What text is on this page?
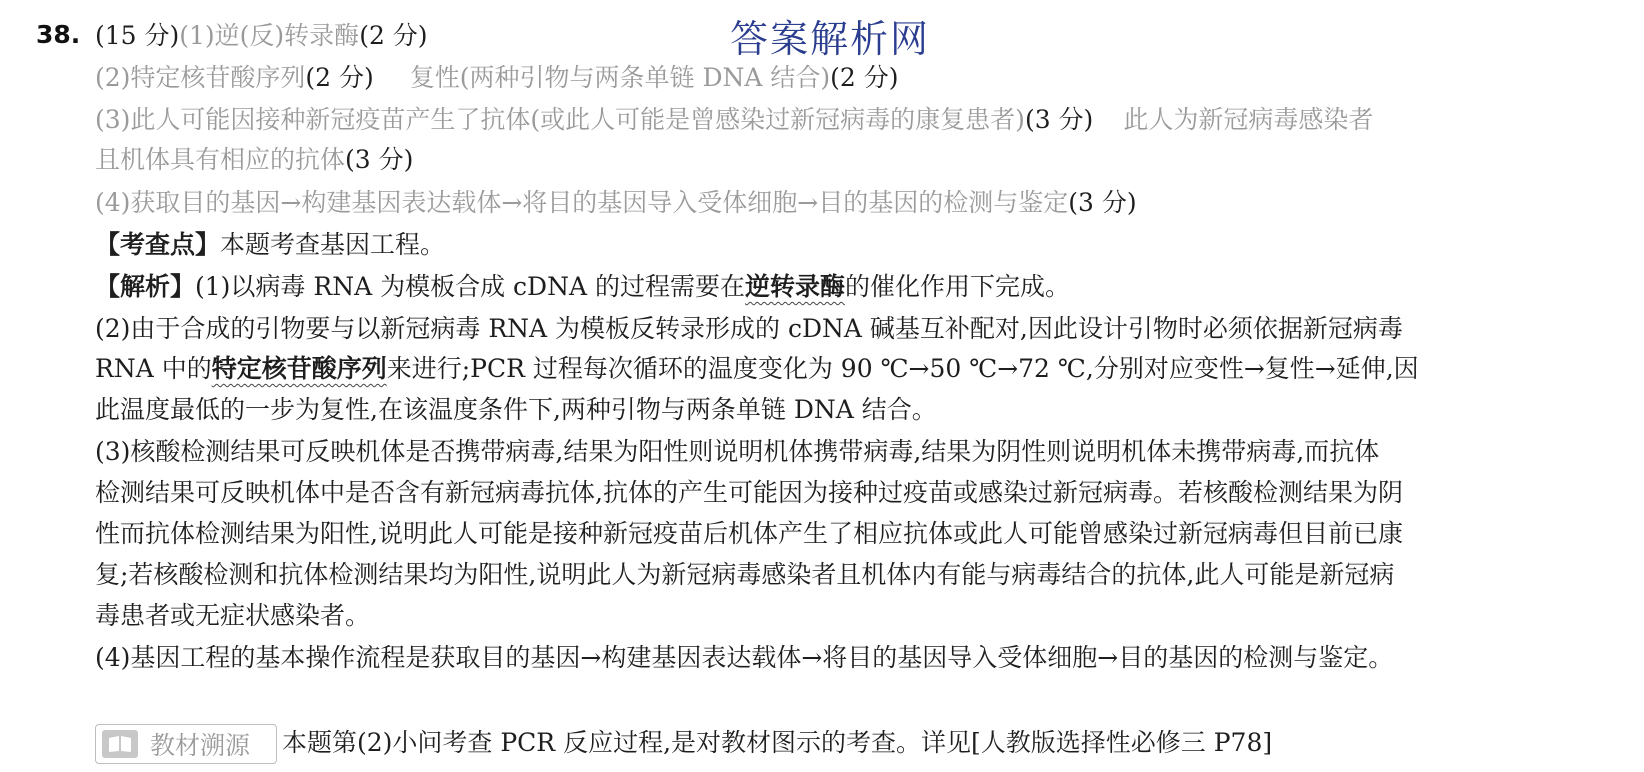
答案解析网
38. (15 分)(1)逆(反)转录酶(2 分)
(2)特定核苷酸序列(2 分) 复性(两种引物与两条单链 DNA 结合)(2 分)
(3)此人可能因接种新冠疫苗产生了抗体(或此人可能是曾感染过新冠病毒的康复患者)(3 分) 此人为新冠病毒感染者
且机体具有相应的抗体(3 分)
(4)获取目的基因→构建基因表达载体→将目的基因导入受体细胞→目的基因的检测与鉴定(3 分)
【考查点】本题考查基因工程。
【解析】(1)以病毒 RNA 为模板合成 cDNA 的过程需要在逆转录酶的催化作用下完成。
(2)由于合成的引物要与以新冠病毒 RNA 为模板反转录形成的 cDNA 碱基互补配对,因此设计引物时必须依据新冠病毒
RNA 中的特定核苷酸序列来进行;PCR 过程每次循环的温度变化为 90 ℃→50 ℃→72 ℃,分别对应变性→复性→延伸,因
此温度最低的一步为复性,在该温度条件下,两种引物与两条单链 DNA 结合。
(3)核酸检测结果可反映机体是否携带病毒,结果为阳性则说明机体携带病毒,结果为阴性则说明机体未携带病毒,而抗体
检测结果可反映机体中是否含有新冠病毒抗体,抗体的产生可能因为接种过疫苗或感染过新冠病毒。若核酸检测结果为阴
性而抗体检测结果为阳性,说明此人可能是接种新冠疫苗后机体产生了相应抗体或此人可能曾感染过新冠病毒但目前已康
复;若核酸检测和抗体检测结果均为阳性,说明此人为新冠病毒感染者且机体内有能与病毒结合的抗体,此人可能是新冠病
毒患者或无症状感染者。
(4)基因工程的基本操作流程是获取目的基因→构建基因表达载体→将目的基因导入受体细胞→目的基因的检测与鉴定。
教材溯源 本题第(2)小问考查 PCR 反应过程,是对教材图示的考查。详见[人教版选择性必修三 P78]
